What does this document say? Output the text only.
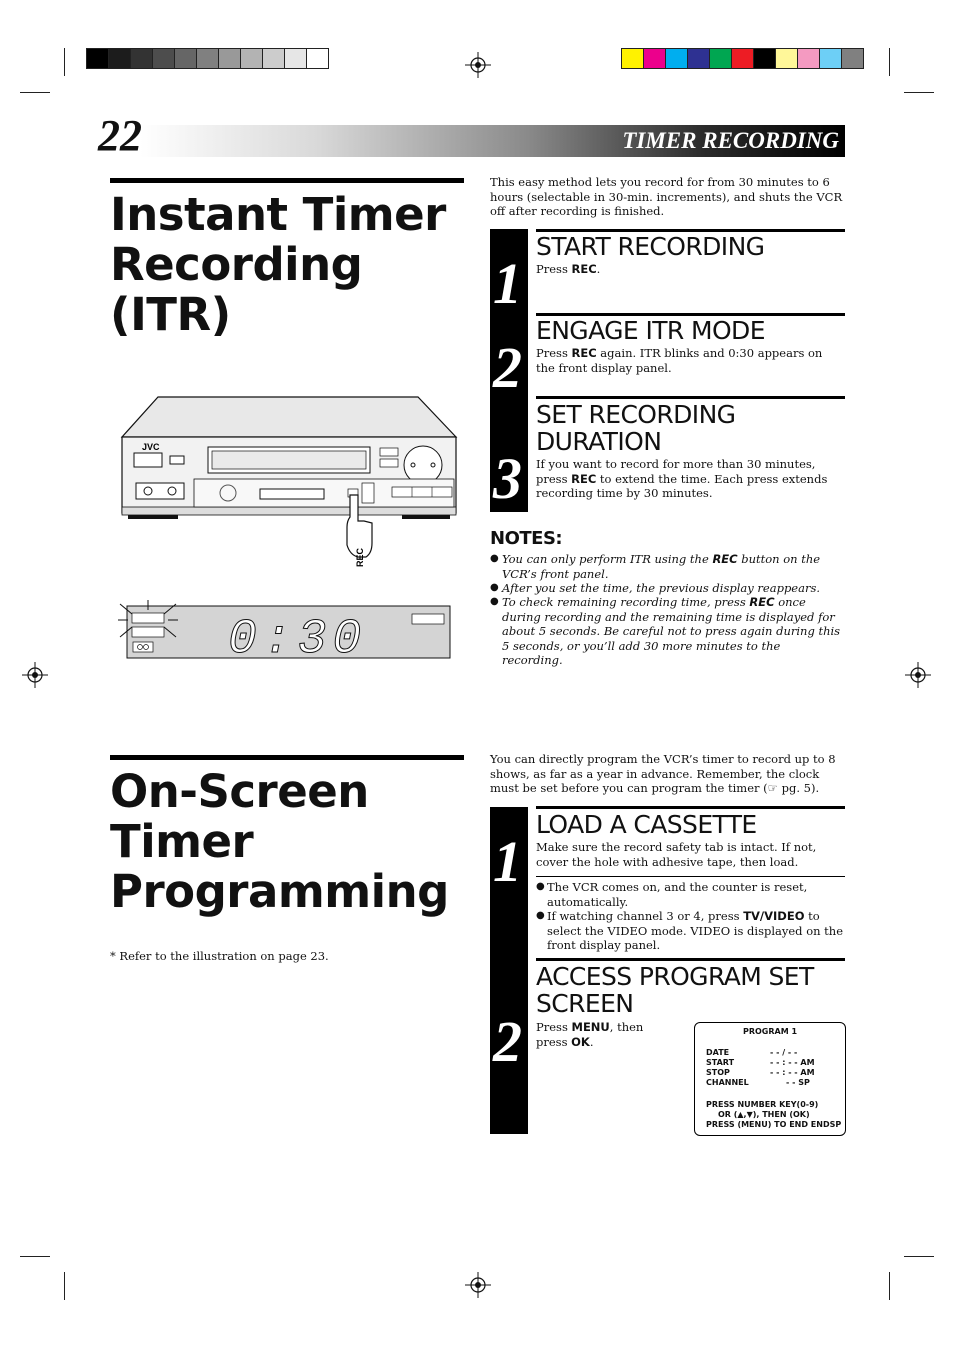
TIMER RECORDING
22
Instant Timer
Recording
(ITR)
This easy method lets you record for from 30 minutes to 6 hours (selectable in 30-min. increments), and shuts the VCR off after recording is finished.
1
START RECORDING
Press REC.
2
ENGAGE ITR MODE
Press REC again. ITR blinks and 0:30 appears on the front display panel.
3
SET RECORDING
DURATION
If you want to record for more than 30 minutes, press REC to extend the time. Each press extends recording time by 30 minutes.
NOTES:
● You can only perform ITR using the REC button on the VCR’s front panel.
● After you set the time, the previous display reappears.
● To check remaining recording time, press REC once during recording and the remaining time is displayed for about 5 seconds. Be careful not to press again during this 5 seconds, or you’ll add 30 more minutes to the recording.
JVC
REC
0:30
On-Screen
Timer
Programming
* Refer to the illustration on page 23.
You can directly program the VCR’s timer to record up to 8 shows, as far as a year in advance. Remember, the clock must be set before you can program the timer (☞ pg. 5).
1
LOAD A CASSETTE
Make sure the record safety tab is intact. If not, cover the hole with adhesive tape, then load.
● The VCR comes on, and the counter is reset, automatically.
● If watching channel 3 or 4, press TV/VIDEO to select the VIDEO mode. VIDEO is displayed on the front display panel.
2
ACCESS PROGRAM SET
SCREEN
Press MENU, then press OK.
PROGRAM 1
DATE	- - / - -
START	- - : - - AM
STOP	- - : - - AM
CHANNEL	- - SP
PRESS NUMBER KEY(0-9)
OR (▲,▼), THEN (OK)
PRESS (MENU) TO END ENDSP
